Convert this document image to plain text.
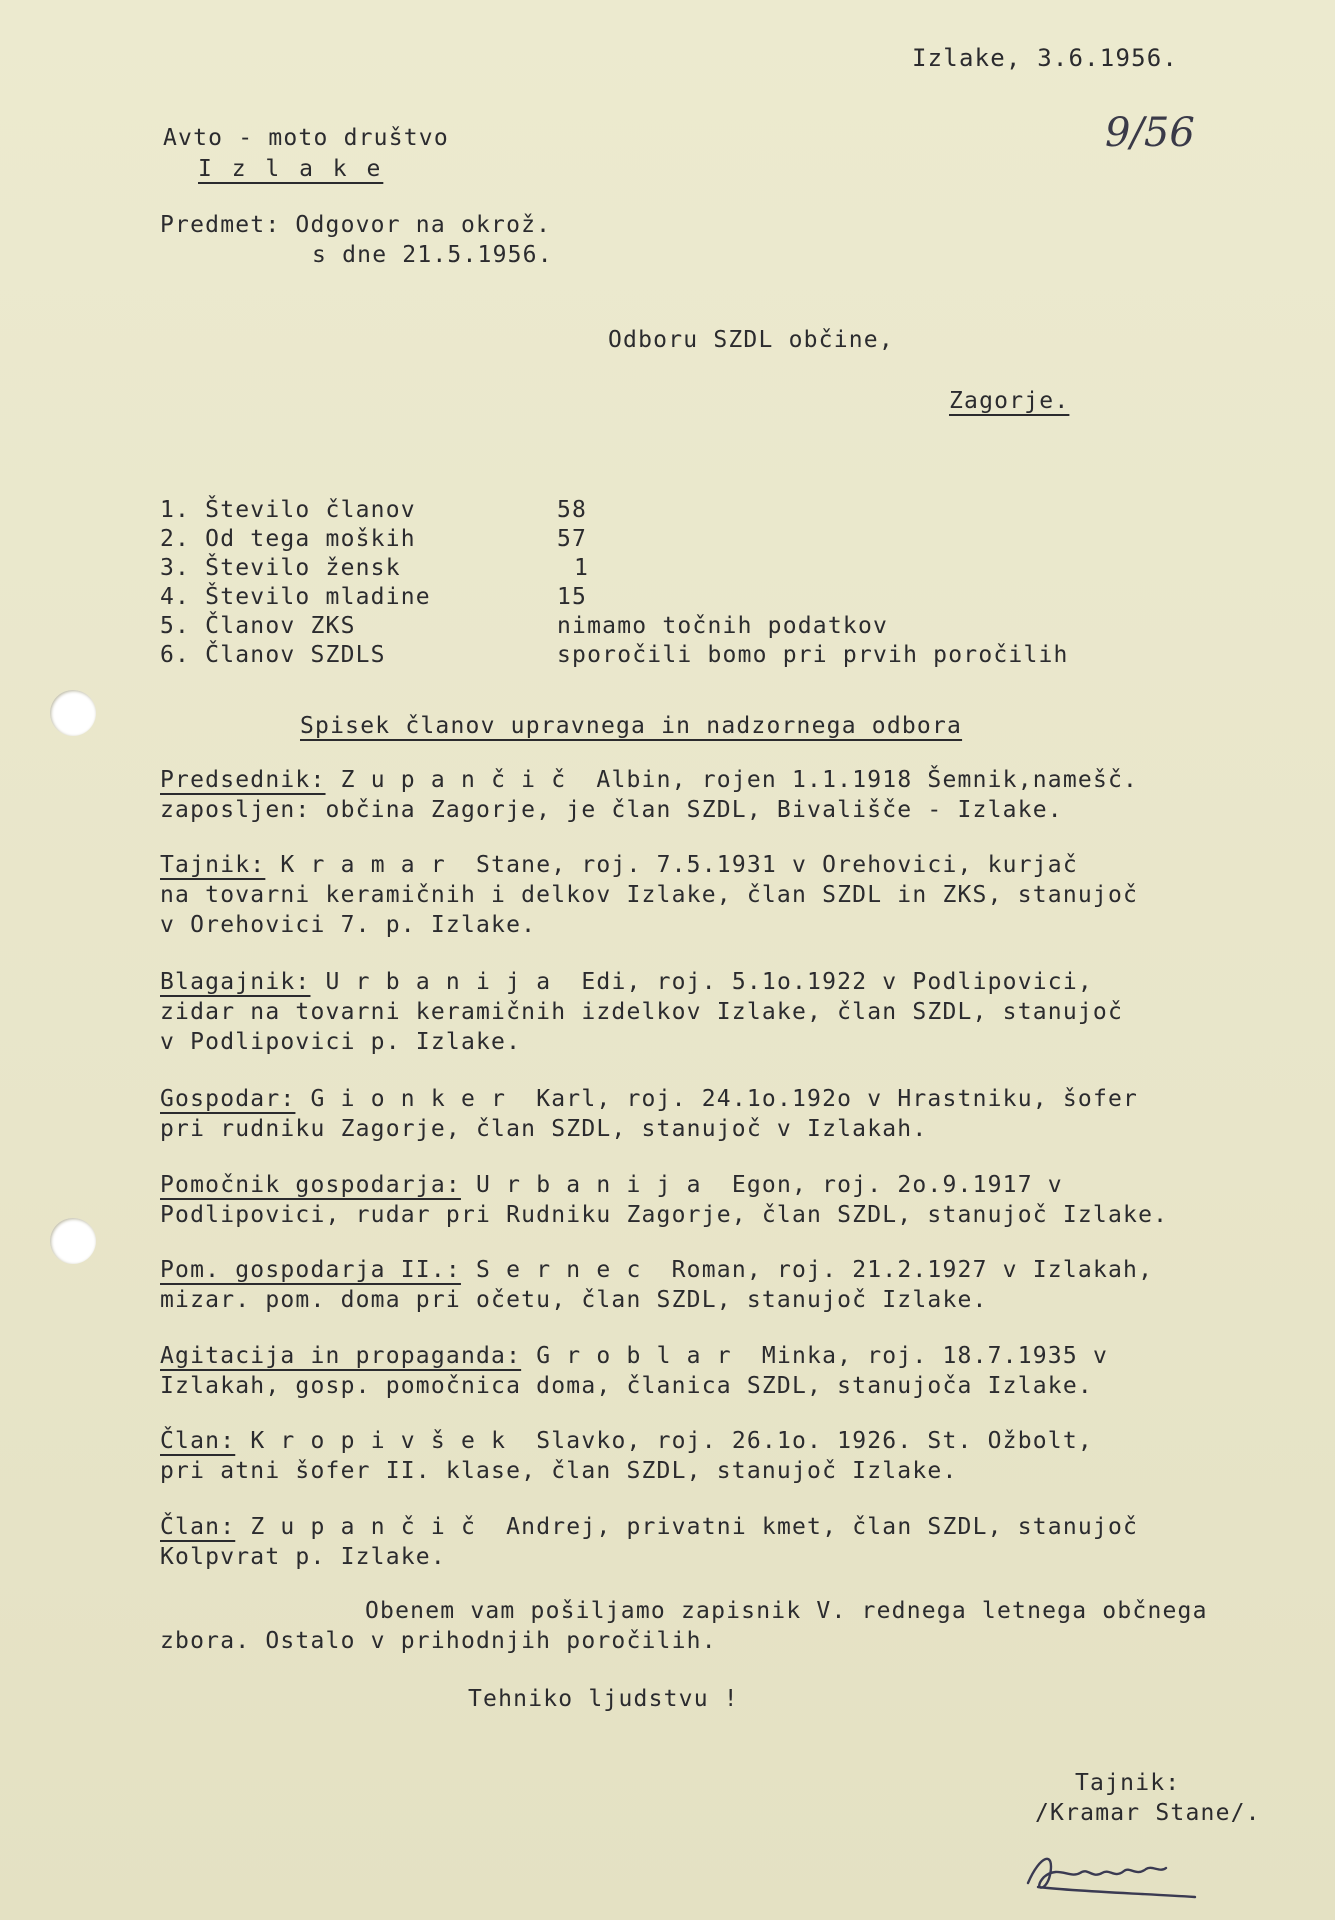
Izlake, 3.6.1956.
9/56
Avto - moto društvo
I z l a k e
Predmet: Odgovor na okrož.
s dne 21.5.1956.
Odboru SZDL občine,
Zagorje.
1. Število članov	58
2. Od tega moških	57
3. Število žensk	1
4. Število mladine	15
5. Članov ZKS	nimamo točnih podatkov
6. Članov SZDLS	sporočili bomo pri prvih poročilih
Spisek članov upravnega in nadzornega odbora
Predsednik: Z u p a n č i č  Albin, rojen 1.1.1918 Šemnik,namešč.
zaposljen: občina Zagorje, je član SZDL, Bivališče - Izlake.
Tajnik: K r a m a r  Stane, roj. 7.5.1931 v Orehovici, kurjač
na tovarni keramičnih i delkov Izlake, član SZDL in ZKS, stanujoč
v Orehovici 7. p. Izlake.
Blagajnik: U r b a n i j a  Edi, roj. 5.1o.1922 v Podlipovici,
zidar na tovarni keramičnih izdelkov Izlake, član SZDL, stanujoč
v Podlipovici p. Izlake.
Gospodar: G i o n k e r  Karl, roj. 24.1o.192o v Hrastniku, šofer
pri rudniku Zagorje, član SZDL, stanujoč v Izlakah.
Pomočnik gospodarja: U r b a n i j a  Egon, roj. 2o.9.1917 v
Podlipovici, rudar pri Rudniku Zagorje, član SZDL, stanujoč Izlake.
Pom. gospodarja II.: S e r n e c  Roman, roj. 21.2.1927 v Izlakah,
mizar. pom. doma pri očetu, član SZDL, stanujoč Izlake.
Agitacija in propaganda: G r o b l a r  Minka, roj. 18.7.1935 v
Izlakah, gosp. pomočnica doma, članica SZDL, stanujoča Izlake.
Član: K r o p i v š e k  Slavko, roj. 26.1o. 1926. St. Ožbolt,
pri atni šofer II. klase, član SZDL, stanujoč Izlake.
Član: Z u p a n č i č  Andrej, privatni kmet, član SZDL, stanujoč
Kolpvrat p. Izlake.
Obenem vam pošiljamo zapisnik V. rednega letnega občnega
zbora. Ostalo v prihodnjih poročilih.
Tehniko ljudstvu !
Tajnik:
/Kramar Stane/.
